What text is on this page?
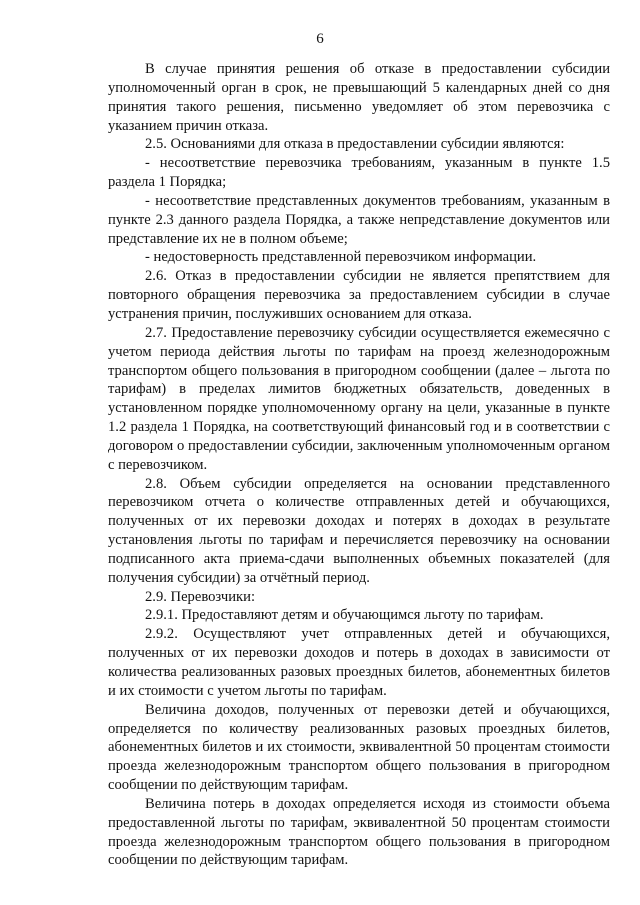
6

В случае принятия решения об отказе в предоставлении субсидии уполномоченный орган в срок, не превышающий 5 календарных дней со дня принятия такого решения, письменно уведомляет об этом перевозчика с указанием причин отказа.

2.5. Основаниями для отказа в предоставлении субсидии являются:

- несоответствие перевозчика требованиям, указанным в пункте 1.5 раздела 1 Порядка;

- несоответствие представленных документов требованиям, указанным в пункте 2.3 данного раздела Порядка, а также непредставление документов или представление их не в полном объеме;

- недостоверность представленной перевозчиком информации.

2.6. Отказ в предоставлении субсидии не является препятствием для повторного обращения перевозчика за предоставлением субсидии в случае устранения причин, послуживших основанием для отказа.

2.7. Предоставление перевозчику субсидии осуществляется ежемесячно с учетом периода действия льготы по тарифам на проезд железнодорожным транспортом общего пользования в пригородном сообщении (далее – льгота по тарифам) в пределах лимитов бюджетных обязательств, доведенных в установленном порядке уполномоченному органу на цели, указанные в пункте 1.2 раздела 1 Порядка, на соответствующий финансовый год и в соответствии с договором о предоставлении субсидии, заключенным уполномоченным органом с перевозчиком.

2.8. Объем субсидии определяется на основании представленного перевозчиком отчета о количестве отправленных детей и обучающихся, полученных от их перевозки доходах и потерях в доходах в результате установления льготы по тарифам и перечисляется перевозчику на основании подписанного акта приема-сдачи выполненных объемных показателей (для получения субсидии) за отчётный период.

2.9. Перевозчики:

2.9.1. Предоставляют детям и обучающимся льготу по тарифам.

2.9.2. Осуществляют учет отправленных детей и обучающихся, полученных от их перевозки доходов и потерь в доходах в зависимости от количества реализованных разовых проездных билетов, абонементных билетов и их стоимости с учетом льготы по тарифам.

Величина доходов, полученных от перевозки детей и обучающихся, определяется по количеству реализованных разовых проездных билетов, абонементных билетов и их стоимости, эквивалентной 50 процентам стоимости проезда железнодорожным транспортом общего пользования в пригородном сообщении по действующим тарифам.

Величина потерь в доходах определяется исходя из стоимости объема предоставленной льготы по тарифам, эквивалентной 50 процентам стоимости проезда железнодорожным транспортом общего пользования в пригородном сообщении по действующим тарифам.
